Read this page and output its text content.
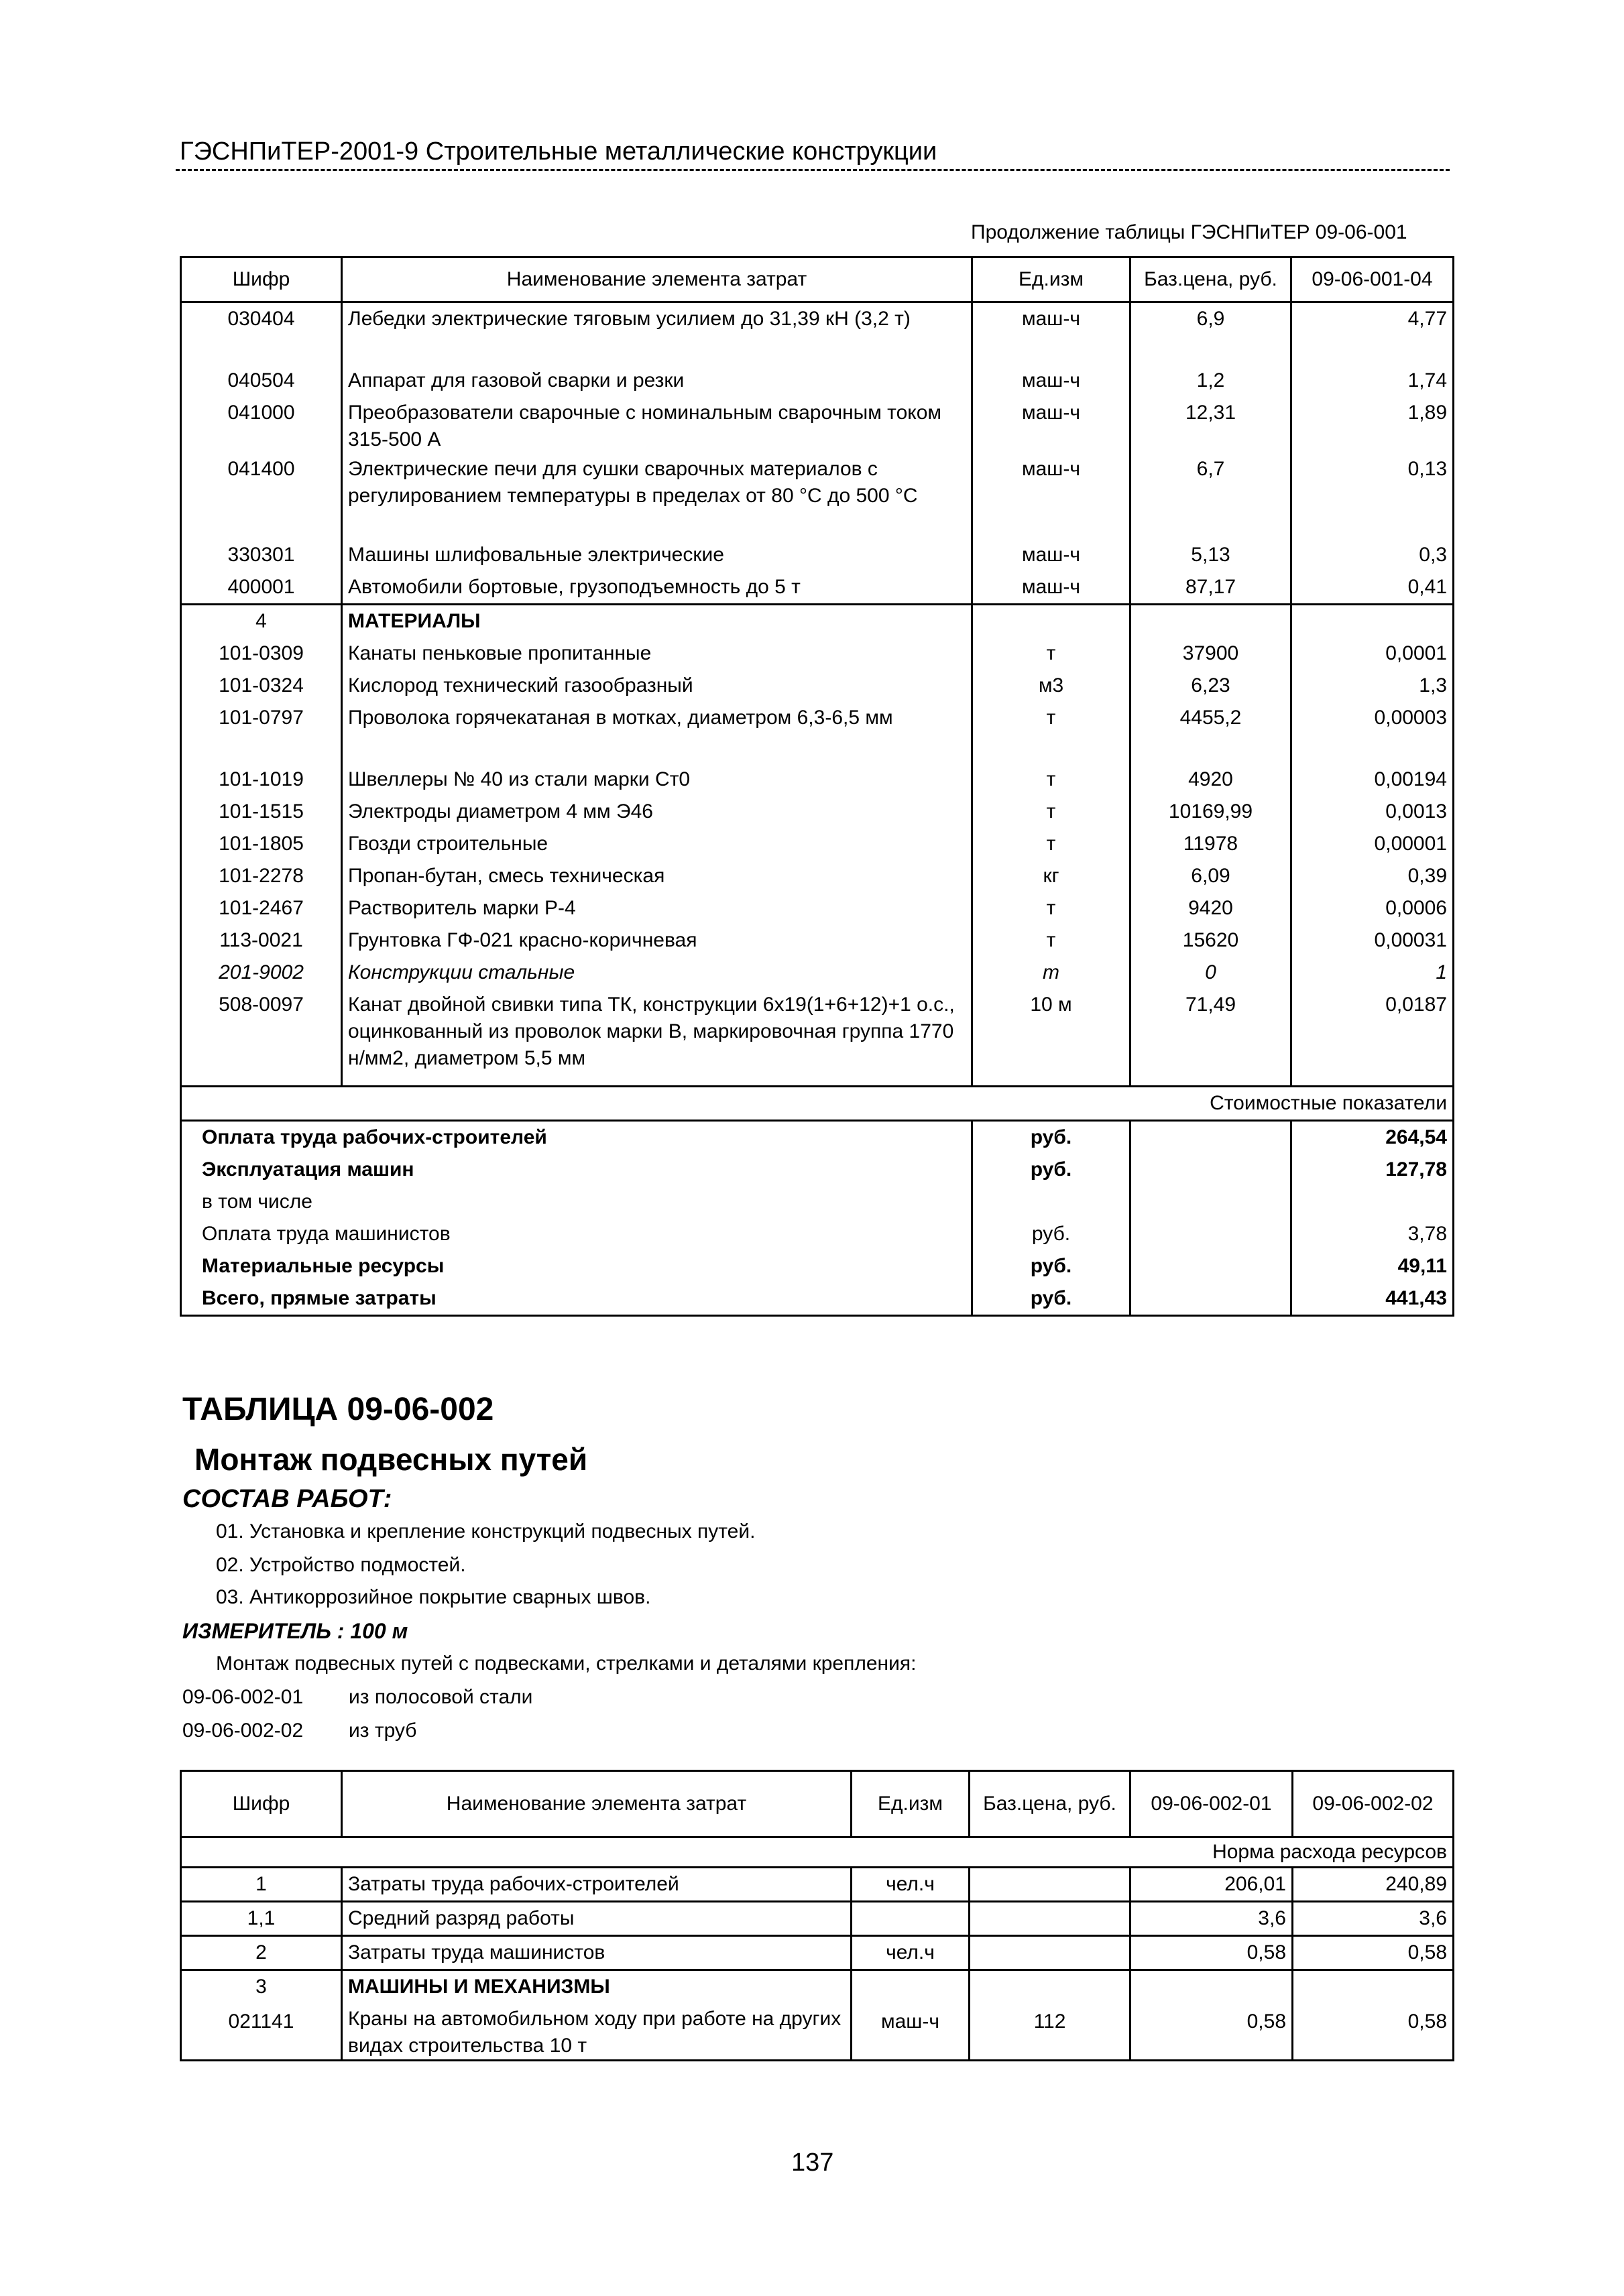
ГЭСНПиТЕР-2001-9 Строительные металлические конструкции
Продолжение таблицы ГЭСНПиТЕР 09-06-001
Шифр	Наименование элемента затрат	Ед.изм	Баз.цена, руб.	09-06-001-04
030404	Лебедки электрические тяговым усилием до 31,39 кН (3,2 т)	маш-ч	6,9	4,77

040504	Аппарат для газовой сварки и резки	маш-ч	1,2	1,74
041000	Преобразователи сварочные с номинальным сварочным током 315-500 А	маш-ч	12,31	1,89
041400	Электрические печи для сушки сварочных материалов с регулированием температуры в пределах от 80 °С до 500 °С	маш-ч	6,7	0,13

330301	Машины шлифовальные электрические	маш-ч	5,13	0,3
400001	Автомобили бортовые, грузоподъемность до 5 т	маш-ч	87,17	0,41
4	МАТЕРИАЛЫ			
101-0309	Канаты пеньковые пропитанные	т	37900	0,0001
101-0324	Кислород технический газообразный	м3	6,23	1,3
101-0797	Проволока горячекатаная в мотках, диаметром 6,3-6,5 мм	т	4455,2	0,00003

101-1019	Швеллеры № 40 из стали марки Ст0	т	4920	0,00194
101-1515	Электроды диаметром 4 мм Э46	т	10169,99	0,0013
101-1805	Гвозди строительные	т	11978	0,00001
101-2278	Пропан-бутан, смесь техническая	кг	6,09	0,39
101-2467	Растворитель марки Р-4	т	9420	0,0006
113-0021	Грунтовка ГФ-021 красно-коричневая	т	15620	0,00031
201-9002	Конструкции стальные	т	0	1
508-0097	Канат двойной свивки типа ТК, конструкции 6х19(1+6+12)+1 о.с., оцинкованный из проволок марки В, маркировочная группа 1770 н/мм2, диаметром 5,5 мм	10 м	71,49	0,0187

Стоимостные показатели				
Оплата труда рабочих-строителей		руб.		264,54
Эксплуатация машин		руб.		127,78
в том числе				
Оплата труда машинистов		руб.		3,78
Материальные ресурсы		руб.		49,11
Всего, прямые затраты		руб.		441,43
ТАБЛИЦА 09-06-002
Монтаж подвесных путей
СОСТАВ РАБОТ:
01. Установка и крепление конструкций подвесных путей.
02. Устройство подмостей.
03. Антикоррозийное покрытие сварных швов.
ИЗМЕРИТЕЛЬ : 100 м
Монтаж подвесных путей с подвесками, стрелками и деталями крепления:
09-06-002-01 из полосовой стали
09-06-002-02 из труб
Шифр	Наименование элемента затрат	Ед.изм	Баз.цена, руб.	09-06-002-01	09-06-002-02
Норма расхода ресурсов					
1	Затраты труда рабочих-строителей	чел.ч		206,01	240,89
1,1	Средний разряд работы			3,6	3,6
2	Затраты труда машинистов	чел.ч		0,58	0,58
3	МАШИНЫ И МЕХАНИЗМЫ				
021141	Краны на автомобильном ходу при работе на других видах строительства 10 т	маш-ч	112	0,58	0,58
137
